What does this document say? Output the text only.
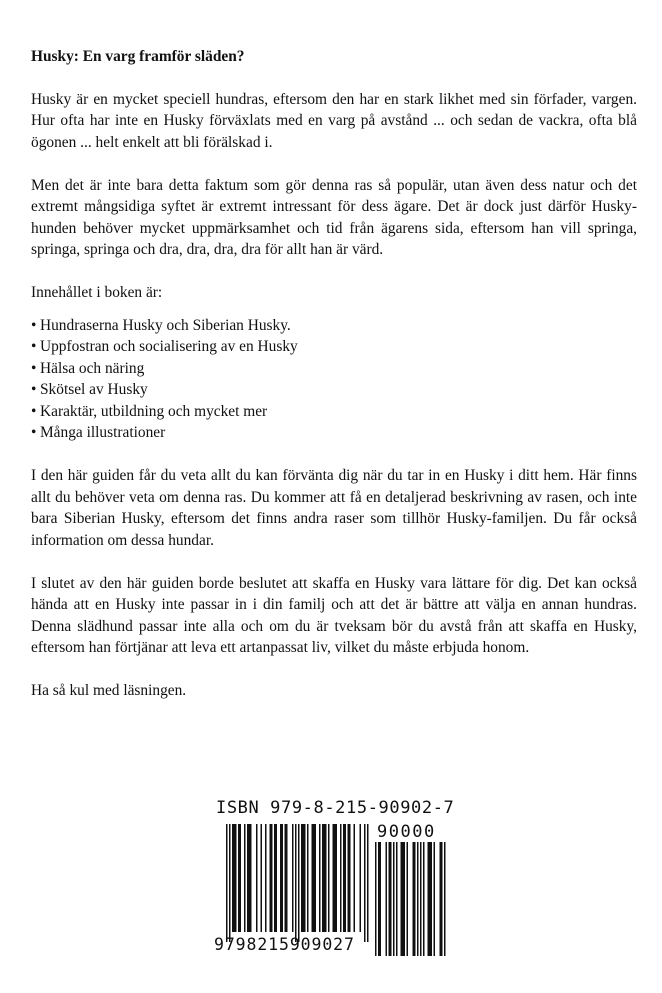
Husky: En varg framför släden?

Husky är en mycket speciell hundras, eftersom den har en stark likhet med sin förfader, vargen. Hur ofta har inte en Husky förväxlats med en varg på avstånd ... och sedan de vackra, ofta blå ögonen ... helt enkelt att bli förälskad i.

Men det är inte bara detta faktum som gör denna ras så populär, utan även dess natur och det extremt mångsidiga syftet är extremt intressant för dess ägare. Det är dock just därför Husky-hunden behöver mycket uppmärksamhet och tid från ägarens sida, eftersom han vill springa, springa, springa och dra, dra, dra, dra för allt han är värd.

Innehållet i boken är:

• Hundraserna Husky och Siberian Husky.
• Uppfostran och socialisering av en Husky
• Hälsa och näring
• Skötsel av Husky
• Karaktär, utbildning och mycket mer
• Många illustrationer

I den här guiden får du veta allt du kan förvänta dig när du tar in en Husky i ditt hem. Här finns allt du behöver veta om denna ras. Du kommer att få en detaljerad beskrivning av rasen, och inte bara Siberian Husky, eftersom det finns andra raser som tillhör Husky-familjen. Du får också information om dessa hundar.

I slutet av den här guiden borde beslutet att skaffa en Husky vara lättare för dig. Det kan också hända att en Husky inte passar in i din familj och att det är bättre att välja en annan hundras. Denna slädhund passar inte alla och om du är tveksam bör du avstå från att skaffa en Husky, eftersom han förtjänar att leva ett artanpassat liv, vilket du måste erbjuda honom.

Ha så kul med läsningen.

ISBN 979-8-215-90902-7
90000
9798215909027
